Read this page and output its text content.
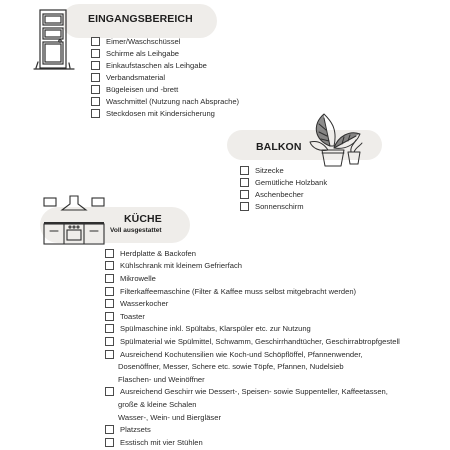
EINGANGSBEREICH
Eimer/Waschschüssel
Schirme als Leihgabe
Einkaufstaschen als Leihgabe
Verbandsmaterial
Bügeleisen und -brett
Waschmittel (Nutzung nach Absprache)
Steckdosen mit Kindersicherung
BALKON
Sitzecke
Gemütliche Holzbank
Aschenbecher
Sonnenschirm
KÜCHE
Voll ausgestattet
Herdplatte & Backofen
Kühlschrank mit kleinem Gefrierfach
Mikrowelle
Filterkaffeemaschine (Filter & Kaffee muss selbst mitgebracht werden)
Wasserkocher
Toaster
Spülmaschine inkl. Spültabs, Klarspüler etc. zur Nutzung
Spülmaterial wie Spülmittel, Schwamm, Geschirrhandtücher, Geschirrabtropfgestell
Ausreichend Kochutensilien wie Koch-und Schöpflöffel, Pfannenwender,
Dosenöffner, Messer, Schere etc. sowie Töpfe, Pfannen, Nudelsieb
Flaschen- und Weinöffner
Ausreichend Geschirr wie Dessert-, Speisen- sowie Suppenteller, Kaffeetassen,
große & kleine Schalen
Wasser-, Wein- und Biergläser
Platzsets
Esstisch mit vier Stühlen
